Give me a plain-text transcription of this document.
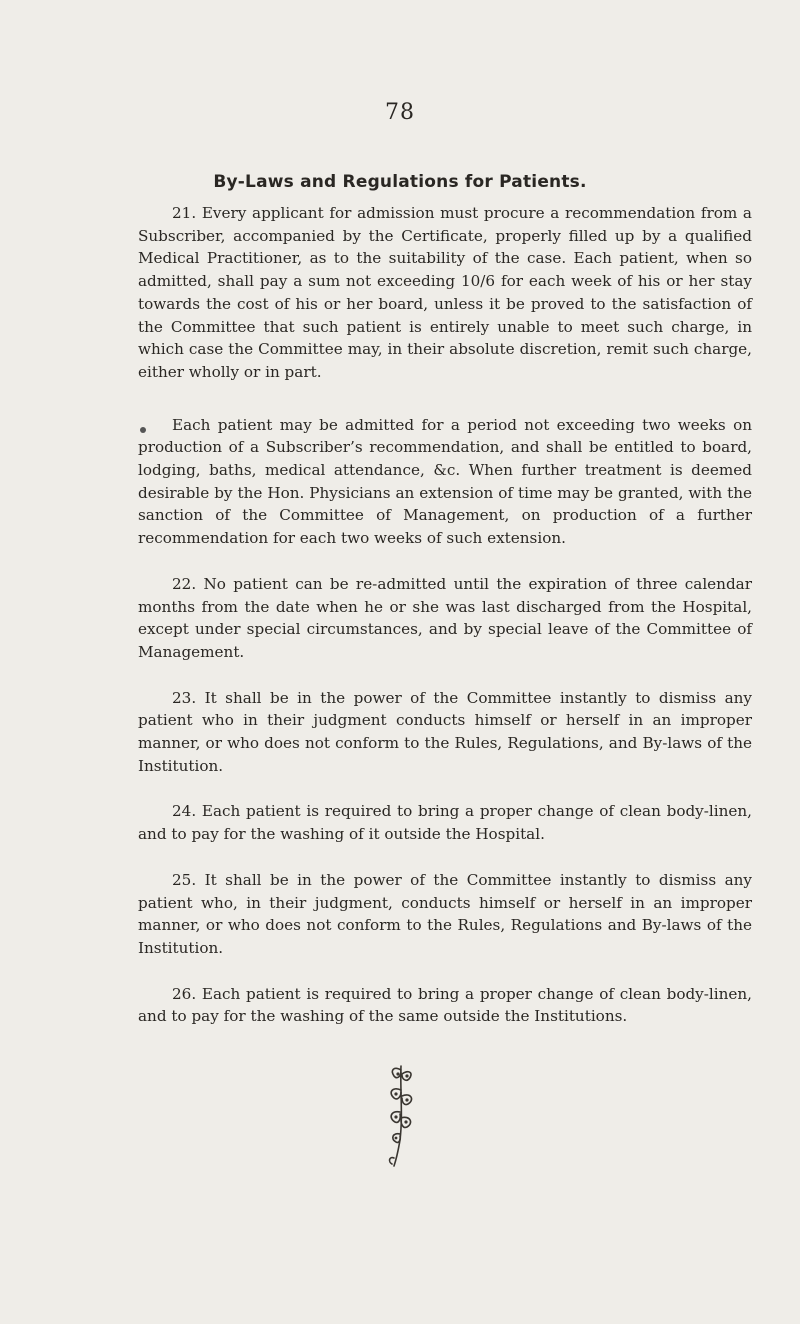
78
By-Laws and Regulations for Patients.

21. Every applicant for admission must procure a recommendation from a Subscriber, accompanied by the Certificate, properly filled up by a qualified Medical Practitioner, as to the suitability of the case. Each patient, when so admitted, shall pay a sum not exceeding 10/6 for each week of his or her stay towards the cost of his or her board, unless it be proved to the satisfaction of the Committee that such patient is entirely unable to meet such charge, in which case the Committee may, in their absolute discretion, remit such charge, either wholly or in part.

Each patient may be admitted for a period not exceeding two weeks on production of a Subscriber’s recommendation, and shall be entitled to board, lodging, baths, medical attendance, &c. When further treatment is deemed desirable by the Hon. Physicians an extension of time may be granted, with the sanction of the Committee of Management, on production of a further recommendation for each two weeks of such extension.

22. No patient can be re-admitted until the expiration of three calendar months from the date when he or she was last discharged from the Hospital, except under special circumstances, and by special leave of the Committee of Management.

23. It shall be in the power of the Committee instantly to dismiss any patient who in their judgment conducts himself or herself in an improper manner, or who does not conform to the Rules, Regulations, and By-laws of the Institution.

24. Each patient is required to bring a proper change of clean body-linen, and to pay for the washing of it outside the Hospital.

25. It shall be in the power of the Committee instantly to dismiss any patient who, in their judgment, conducts himself or herself in an improper manner, or who does not conform to the Rules, Regulations and By-laws of the Institution.

26. Each patient is required to bring a proper change of clean body-linen, and to pay for the washing of the same outside the Institutions.
